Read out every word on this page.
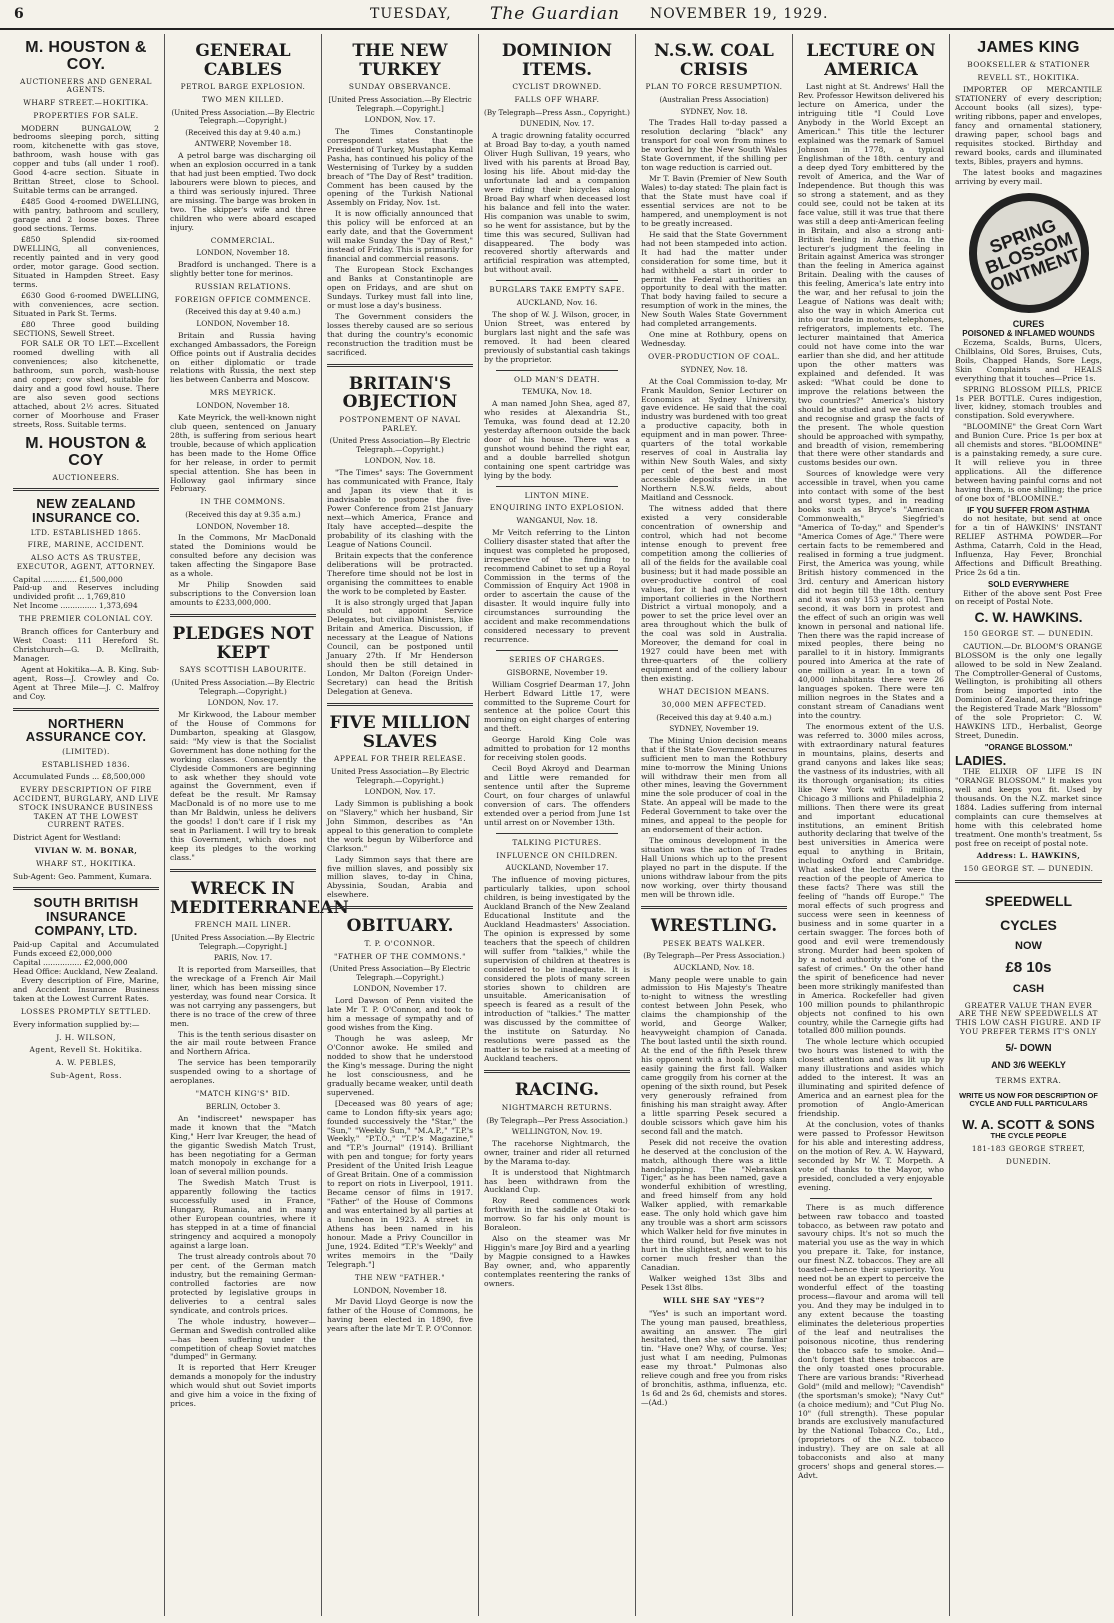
6	TUESDAY, The Guardian NOVEMBER 19, 1929.
M. HOUSTON & COY.
AUCTIONEERS AND GENERAL AGENTS.
WHARF STREET.—HOKITIKA.
PROPERTIES FOR SALE.

MODERN BUNGALOW, 2 bedrooms sleeping porch, sitting room, kitchenette with gas stove, bathroom, wash house with gas copper and tubs (all under 1 roof). Good 4-acre section. Situate in Brittan Street, close to School. Suitable terms can be arranged.

£485 Good 4-roomed DWELLING, with pantry, bathroom and scullery, garage and 2 loose boxes. Three good sections. Terms.

£850 Splendid six-roomed DWELLING, all conveniences, recently painted and in very good order, motor garage. Good section. Situated in Hampden Street. Easy terms.

£630 Good 6-roomed DWELLING, with conveniences, acre section. Situated in Park St. Terms.

£80 Three good building SECTIONS, Sewell Street.

FOR SALE OR TO LET.—Excellent roomed dwelling with all conveniences; also kitchenette, bathroom, sun porch, wash-house and copper; cow shed, suitable for dairy and a good fowl house. There are also seven good sections attached, about 2½ acres. Situated corner of Moorhouse and Fraser streets, Ross. Suitable terms.

M. HOUSTON & COY
AUCTIONEERS.
NEW ZEALAND INSURANCE CO.
LTD. ESTABLISHED 1865.
FIRE, MARINE, ACCIDENT.
ALSO ACTS AS TRUSTEE, EXECUTOR, AGENT, ATTORNEY.
Capital .............. £1,500,000
Paid-up and Reserves including undivided profit ... 1,769,810
Net Income ............... 1,373,694
THE PREMIER COLONIAL COY.

Branch offices for Canterbury and West Coast: 111 Hereford St. Christchurch—G. D. McIlraith, Manager.

Agent at Hokitika—A. B. King. Sub-agent, Ross—J. Crowley and Co. Agent at Three Mile—J. C. Malfroy and Coy.

NORTHERN ASSURANCE COY.
(LIMITED).
ESTABLISHED 1836.
Accumulated Funds ... £8,500,000
EVERY DESCRIPTION OF FIRE ACCIDENT, BURGLARY, AND LIVE STOCK INSURANCE BUSINESS TAKEN AT THE LOWEST CURRENT RATES.
District Agent for Westland:
VIVIAN W. M. BONAR,
WHARF ST., HOKITIKA.
Sub-Agent: Geo. Pamment, Kumara.
SOUTH BRITISH INSURANCE COMPANY, LTD.
Paid-up Capital and Accumulated Funds exceed £2,000,000
Capital ................ £2,000,000
Head Office: Auckland, New Zealand.

Every description of Fire, Marine, and Accident Insurance Business taken at the Lowest Current Rates.

LOSSES PROMPTLY SETTLED.
Every information supplied by:—
J. H. WILSON,
Agent, Revell St. Hokitika.
A. W. PEBLES,
Sub-Agent, Ross.
GENERAL CABLES
PETROL BARGE EXPLOSION.
TWO MEN KILLED.
(United Press Association.—By Electric Telegraph.—Copyright.)
(Received this day at 9.40 a.m.)
ANTWERP, November 18.

A petrol barge was discharging oil when an explosion occurred in a tank that had just been emptied. Two dock labourers were blown to pieces, and a third was seriously injured. Three are missing. The barge was broken in two. The skipper's wife and three children who were aboard escaped injury.

COMMERCIAL.
LONDON, November 18.

Bradford is unchanged. There is a slightly better tone for merinos.

RUSSIAN RELATIONS.
FOREIGN OFFICE COMMENCE.
(Received this day at 9.40 a.m.)
LONDON, November 18.

Britain and Russia having exchanged Ambassadors, the Foreign Office points out if Australia decides on either diplomatic or trade relations with Russia, the next step lies between Canberra and Moscow.

MRS MEYRICK.
LONDON, November 18.

Kate Meyrick, the well-known night club queen, sentenced on January 28th, is suffering from serious heart trouble, because of which application has been made to the Home Office for her release, in order to permit special attention. She has been in Holloway gaol infirmary since February.

IN THE COMMONS.
(Received this day at 9.35 a.m.)
LONDON, November 18.

In the Commons, Mr MacDonald stated the Dominions would be consulted before any decision was taken affecting the Singapore Base as a whole.

Mr Philip Snowden said subscriptions to the Conversion loan amounts to £233,000,000.

PLEDGES NOT KEPT
SAYS SCOTTISH LABOURITE.
(United Press Association.—By Electric Telegraph.—Copyright.)
LONDON, Nov. 17.

Mr Kirkwood, the Labour member of the House of Commons for Dumbarton, speaking at Glasgow, said: "My view is that the Socialist Government has done nothing for the working classes. Consequently the Clydeside Commoners are beginning to ask whether they should vote against the Government, even if defeat be the result. Mr Ramsay MacDonald is of no more use to me than Mr Baldwin, unless he delivers the goods! I don't care if I risk my seat in Parliament. I will try to break this Government, which does not keep its pledges to the working class."

WRECK IN MEDITERRANEAN
FRENCH MAIL LINER.
[United Press Association.—By Electric Telegraph.—Copyright.]
PARIS, Nov. 17.

It is reported from Marseilles, that the wreckage of a French Air Mail liner, which has been missing since yesterday, was found near Corsica. It was not carrying any passengers, but there is no trace of the crew of three men.

This is the tenth serious disaster on the air mail route between France and Northern Africa.

The service has been temporarily suspended owing to a shortage of aeroplanes.

"MATCH KING'S" BID.
BERLIN, October 3.

An "indiscreet" newspaper has made it known that the "Match King," Herr Ivar Kreuger, the head of the gigantic Swedish Match Trust, has been negotiating for a German match monopoly in exchange for a loan of several million pounds.

The Swedish Match Trust is apparently following the tactics successfully used in France, Hungary, Rumania, and in many other European countries, where it has stepped in at a time of financial stringency and acquired a monopoly against a large loan.

The trust already controls about 70 per cent. of the German match industry, but the remaining German-controlled factories are now protected by legislative groups in deliveries to a central sales syndicate, and controls prices.

The whole industry, however—German and Swedish controlled alike—has been suffering under the competition of cheap Soviet matches "dumped" in Germany.

It is reported that Herr Kreuger demands a monopoly for the industry which would shut out Soviet imports and give him a voice in the fixing of prices.

THE NEW TURKEY
SUNDAY OBSERVANCE.
[United Press Association.—By Electric Telegraph.—Copyright.]
LONDON, Nov. 17.

The Times Constantinople correspondent states that the President of Turkey, Mustapha Kemal Pasha, has continued his policy of the Westernising of Turkey by a sudden breach of "The Day of Rest" tradition. Comment has been caused by the opening of the Turkish National Assembly on Friday, Nov. 1st.

It is now officially announced that this policy will be enforced at an early date, and that the Government will make Sunday the "Day of Rest," instead of Friday. This is primarily for financial and commercial reasons.

The European Stock Exchanges and Banks at Constantinople are open on Fridays, and are shut on Sundays. Turkey must fall into line, or must lose a day's business.

The Government considers the losses thereby caused are so serious that during the country's economic reconstruction the tradition must be sacrificed.

BRITAIN'S OBJECTION
POSTPONEMENT OF NAVAL PARLEY.
(United Press Association—By Electric Telegraph.—Copyright.)
LONDON, Nov. 18.

"The Times" says: The Government has communicated with France, Italy and Japan its view that it is inadvisable to postpone the five-Power Conference from 21st January next—which America, France and Italy have accepted—despite the probability of its clashing with the League of Nations Council.

Britain expects that the conference deliberations will be protracted. Therefore time should not be lost in organising the committees to enable the work to be completed by Easter.

It is also strongly urged that Japan should not appoint Service Delegates, but civilian Ministers, like Britain and America. Discussion, if necessary at the League of Nations Council, can be postponed until January 27th. If Mr Henderson should then be still detained in London, Mr Dalton (Foreign Under-Secretary) can head the British Delegation at Geneva.

FIVE MILLION SLAVES
APPEAL FOR THEIR RELEASE.
United Press Association—By Electric Telegraph.—Copyright.)
LONDON, Nov. 17.

Lady Simmon is publishing a book on "Slavery," which her husband, Sir John Simmon, describes as "An appeal to this generation to complete the work begun by Wilberforce and Clarkson."

Lady Simmon says that there are five million slaves, and possibly six million slaves, to-day in China, Abyssinia, Soudan, Arabia and elsewhere.

OBITUARY.
T. P. O'CONNOR.
"FATHER OF THE COMMONS."
(United Press Association—By Electric Telegraph.—Copyright.)
LONDON, November 17.

Lord Dawson of Penn visited the late Mr T. P. O'Connor, and took to him a message of sympathy and of good wishes from the King.

Though he was asleep, Mr O'Connor awoke. He smiled and nodded to show that he understood the King's message. During the night he lost consciousness, and he gradually became weaker, until death supervened.

[Deceased was 80 years of age; came to London fifty-six years ago; founded successively the "Star," the "Sun," "Weekly Sun," "M.A.P.," "T.P.'s Weekly," "P.T.O.," "T.P.'s Magazine," and "T.P.'s Journal" (1914). Brilliant with pen and tongue; for forty years President of the United Irish League of Great Britain. One of a commission to report on riots in Liverpool, 1911. Became censor of films in 1917. "Father" of the House of Commons and was entertained by all parties at a luncheon in 1923. A street in Athens has been named in his honour. Made a Privy Councillor in June, 1924. Edited "T.P.'s Weekly" and writes memoirs in the "Daily Telegraph."]

THE NEW "FATHER."
LONDON, November 18.

Mr David Lloyd George is now the father of the House of Commons, he having been elected in 1890, five years after the late Mr T. P. O'Connor.

DOMINION ITEMS.
CYCLIST DROWNED.
FALLS OFF WHARF.
(By Telegraph—Press Assn., Copyright.)
DUNEDIN, Nov. 17.

A tragic drowning fatality occurred at Broad Bay to-day, a youth named Oliver Hugh Sullivan, 19 years, who lived with his parents at Broad Bay, losing his life. About mid-day the unfortunate lad and a companion were riding their bicycles along Broad Bay wharf when deceased lost his balance and fell into the water. His companion was unable to swim, so he went for assistance, but by the time this was secured, Sullivan had disappeared. The body was recovered shortly afterwards and artificial respiration was attempted, but without avail.

BURGLARS TAKE EMPTY SAFE.
AUCKLAND, Nov. 16.

The shop of W. J. Wilson, grocer, in Union Street, was entered by burglars last night and the safe was removed. It had been cleared previously of substantial cash takings by the proprietor.

OLD MAN'S DEATH.
TEMUKA, Nov. 18.

A man named John Shea, aged 87, who resides at Alexandria St., Temuka, was found dead at 12.20 yesterday afternoon outside the back door of his house. There was a gunshot wound behind the right ear, and a double barrelled shotgun containing one spent cartridge was lying by the body.

LINTON MINE.
ENQUIRING INTO EXPLOSION.
WANGANUI, Nov. 18.

Mr Veitch referring to the Linton Colliery disaster stated that after the inquest was completed he proposed, irrespective of the finding to recommend Cabinet to set up a Royal Commission in the terms of the Commission of Enquiry Act 1908 in order to ascertain the cause of the disaster. It would inquire fully into circumstances surrounding the accident and make recommendations considered necessary to prevent recurrence.

SERIES OF CHARGES.
GISBORNE, November 19.

William Cosgrief Dearman 17, John Herbert Edward Little 17, were committed to the Supreme Court for sentence at the police Court this morning on eight charges of entering and theft.

George Harold King Cole was admitted to probation for 12 months for receiving stolen goods.

Cecil Boyd Akroyd and Dearman and Little were remanded for sentence until after the Supreme Court, on four charges of unlawful conversion of cars. The offenders extended over a period from June 1st until arrest on or November 13th.

TALKING PICTURES.
INFLUENCE ON CHILDREN.
AUCKLAND, November 17.

The influence of moving pictures, particularly talkies, upon school children, is being investigated by the Auckland Branch of the New Zealand Educational Institute and the Auckland Headmasters' Association. The opinion is expressed by some teachers that the speech of children will suffer from "talkies," while the supervision of children at theatres is considered to be inadequate. It is considered the plots of many screen stories shown to children are unsuitable. Americanisation of speech is feared as a result of the introduction of "talkies." The matter was discussed by the committee of the institute on Saturday. No resolutions were passed as the matter is to be raised at a meeting of Auckland teachers.

RACING.
NIGHTMARCH RETURNS.
(By Telegraph—Per Press Association.)
WELLINGTON, Nov. 19.

The racehorse Nightmarch, the owner, trainer and rider all returned by the Marama to-day.

It is understood that Nightmarch has been withdrawn from the Auckland Cup.

Roy Reed commences work forthwith in the saddle at Otaki to-morrow. So far his only mount is Boraleon.

Also on the steamer was Mr Higgin's mare Joy Bird and a yearling by Magpie consigned to a Hawkes Bay owner, and, who apparently contemplates reentering the ranks of owners.

N.S.W. COAL CRISIS
PLAN TO FORCE RESUMPTION.
(Australian Press Association)
SYDNEY, Nov. 18.

The Trades Hall to-day passed a resolution declaring "black" any transport for coal won from mines to be worked by the New South Wales State Government, if the shilling per ton wage reduction is carried out.

Mr T. Bavin (Premier of New South Wales) to-day stated: The plain fact is that the State must have coal if essential services are not to be hampered, and unemployment is not to be greatly increased.

He said that the State Government had not been stampeded into action. It had had the matter under consideration for some time, but it had withheld a start in order to permit the Federal authorities an opportunity to deal with the matter. That body having failed to secure a resumption of work in the mines, the New South Wales State Government had completed arrangements.

One mine at Rothbury, opens on Wednesday.

OVER-PRODUCTION OF COAL.
SYDNEY, Nov. 18.

At the Coal Commission to-day, Mr Frank Mauldon, Senior Lecturer on Economics at Sydney University, gave evidence. He said that the coal industry was burdened with too great a productive capacity, both in equipment and in man power. Three-quarters of the total workable reserves of coal in Australia lay within New South Wales, and sixty per cent of the best and most accessible deposits were in the Northern N.S.W. fields, about Maitland and Cessnock.

The witness added that there existed a very considerable concentration of ownership and control, which had not become intense enough to prevent free competition among the collieries of all of the fields for the available coal business; but it had made possible an over-productive control of coal values, for it had given the most important collieries in the Northern District a virtual monopoly, and a power to set the price level over an area throughout which the bulk of the coal was sold in Australia. Moreover, the demand for coal in 1927 could have been met with three-quarters of the colliery equipment and of the colliery labour then existing.

WHAT DECISION MEANS.
30,000 MEN AFFECTED.
(Received this day at 9.40 a.m.)
SYDNEY, November 19.

The Mining Union decision means that if the State Government secures sufficient men to man the Rothbury mine to-morrow the Mining Unions will withdraw their men from all other mines, leaving the Government mine the sole producer of coal in the State. An appeal will be made to the Federal Government to take over the mines, and appeal to the people for an endorsement of their action.

The ominous development in the situation was the action of Trades Hall Unions which up to the present played no part in the dispute. If the unions withdraw labour from the pits now working, over thirty thousand men will be thrown idle.

WRESTLING.
PESEK BEATS WALKER.
(By Telegraph—Per Press Association.)
AUCKLAND, Nov. 18.

Many people were unable to gain admission to His Majesty's Theatre to-night to witness the wrestling contest between John Pesek, who claims the championship of the world, and George Walker, heavyweight champion of Canada. The bout lasted until the sixth round. At the end of the fifth Pesek threw his opponent with a hook loop slam easily gaining the first fall. Walker came groggily from his corner at the opening of the sixth round, but Pesek very generously refrained from finishing his man straight away. After a little sparring Pesek secured a double scissors which gave him his second fall and the match.

Pesek did not receive the ovation he deserved at the conclusion of the match, although there was a little handclapping. The "Nebraskan Tiger," as he has been named, gave a wonderful exhibition of wrestling, and freed himself from any hold Walker applied, with remarkable ease. The only hold which gave him any trouble was a short arm scissors which Walker held for five minutes in the third round, but Pesek was not hurt in the slightest, and went to his corner much fresher than the Canadian.

Walker weighed 13st 3lbs and Pesek 13st 8lbs.

WILL SHE SAY "YES"?

"Yes" is such an important word. The young man paused, breathless, awaiting an answer. The girl hesitated, then she saw the familiar tin. "Have one? Why, of course. Yes; just what I am needing, Pulmonas ease my throat." Pulmonas also relieve cough and free you from risks of bronchitis, asthma, influenza, etc. 1s 6d and 2s 6d, chemists and stores.—(Ad.)

LECTURE ON AMERICA

Last night at St. Andrews' Hall the Rev. Professor Hewitson delivered his lecture on America, under the intriguing title "I Could Love Anybody in the World Except an American." This title the lecturer explained was the remark of Samuel Johnson in 1778, a typical Englishman of the 18th. century and a deep dyed Tory embittered by the revolt of America, and the War of Independence. But though this was so strong a statement, and as they could see, could not be taken at its face value, still it was true that there was still a deep anti-American feeling in Britain, and also a strong anti-British feeling in America. In the lecturer's judgment the feeling in Britain against America was stronger than the feeling in America against Britain. Dealing with the causes of this feeling, America's late entry into the war, and her refusal to join the League of Nations was dealt with; also the way in which America cut into our trade in motors, telephones, refrigerators, implements etc. The lecturer maintained that America could not have come into the war earlier than she did, and her attitude upon the other matters was explained and defended. It was asked: "What could be done to improve the relations between the two countries?" America's history should be studied and we should try and recognise and grasp the facts of the present. The whole question should be approached with sympathy, and breadth of vision, remembering that there were other standards and customs besides our own.

Sources of knowledge were very accessible in travel, when you came into contact with some of the best and worst types, and in reading books such as Bryce's "American Commonwealth," Siegfried's "America of To-day," and Spender's "America Comes of Age." There were certain facts to be remembered and realised in forming a true judgment. First, the America was young, while British history commenced in the 3rd. century and American history did not begin till the 18th. century and it was only 153 years old. Then second, it was born in protest and the effect of such an origin was well known in personal and national life. Then there was the rapid increase of mixed peoples, there being no parallel to it in history. Immigrants poured into America at the rate of one million a year. In a town of 40,000 inhabitants there were 26 languages spoken. There were ten million negroes in the States and a constant stream of Canadians went into the country.

The enormous extent of the U.S. was referred to. 3000 miles across, with extraordinary natural features in mountains, plains, deserts and grand canyons and lakes like seas; the vastness of its industries, with all its thorough organisation; its cities like New York with 6 millions, Chicago 3 millions and Philadelphia 2 millions. Then there were its great and important educational institutions, an eminent British authority declaring that twelve of the best universities in America were equal to anything in Britain, including Oxford and Cambridge. What asked the lecturer were the reaction of the people of America to these facts? There was still the feeling of "hands off Europe." The moral effects of such progress and success were seen in keenness of business and in some quarter in a certain swagger. The forces both of good and evil were tremendously strong. Murder had been spoken of by a noted authority as "one of the safest of crimes." On the other hand the spirit of beneficence had never been more strikingly manifested than in America. Rockefeller had given 100 million pounds to philanthropic objects not confined to his own country, while the Carnegie gifts had totalled 800 million pounds.

The whole lecture which occupied two hours was listened to with the closest attention and was lit up by many illustrations and asides which added to the interest. It was an illuminating and spirited defence of America and an earnest plea for the promotion of Anglo-American friendship.

At the conclusion, votes of thanks were passed to Professor Hewitson for his able and interesting address, on the motion of Rev. A. W. Hayward, seconded by Mr W. T. Morpeth. A vote of thanks to the Mayor, who presided, concluded a very enjoyable evening.

There is as much difference between raw tobacco and toasted tobacco, as between raw potato and savoury chips. It's not so much the material you use as the way in which you prepare it. Take, for instance, our finest N.Z. tobaccos. They are all toasted—hence their superiority. You need not be an expert to perceive the wonderful effect of the toasting process—flavour and aroma will tell you. And they may be indulged in to any extent because the toasting eliminates the deleterious properties of the leaf and neutralises the poisonous nicotine, thus rendering the tobacco safe to smoke. And—don't forget that these tobaccos are the only toasted ones procurable. There are various brands: "Riverhead Gold" (mild and mellow); "Cavendish" (the sportsman's smoke); "Navy Cut" (a choice medium); and "Cut Plug No. 10" (full strength). These popular brands are exclusively manufactured by the National Tobacco Co., Ltd., (proprietors of the N.Z. tobacco industry). They are on sale at all tobacconists and also at many grocers' shops and general stores.—Advt.

JAMES KING
BOOKSELLER & STATIONER
REVELL ST., HOKITIKA.

IMPORTER OF MERCANTILE STATIONERY of every description; Account books (all sizes), type-writing ribbons, paper and envelopes, fancy and ornamental stationery, drawing paper, school bags and requisites stocked. Birthday and reward books, cards and illuminated texts, Bibles, prayers and hymns.

The latest books and magazines arriving by every mail.

SPRING BLOSSOM OINTMENT
CURES
POISONED & INFLAMED WOUNDS

Eczema, Scalds, Burns, Ulcers, Chilblains, Old Sores, Bruises, Cuts, Boils, Chapped Hands, Sore Legs, Skin Complaints and HEALS everything that it touches—Price 1s.

SPRING BLOSSOM PILLS, PRICE 1s PER BOTTLE. Cures indigestion, liver, kidney, stomach troubles and constipation. Sold everywhere.

"BLOOMINE" the Great Corn Wart and Bunion Cure. Price 1s per box at all chemists and stores. "BLOOMINE" is a painstaking remedy, a sure cure. It will relieve you in three applications. All the difference between having painful corns and not having them, is one shilling; the price of one box of "BLOOMINE."

IF YOU SUFFER FROM ASTHMA

do not hesitate, but send at once for a tin of HAWKINS' INSTANT RELIEF ASTHMA POWDER—For Asthma, Catarrh, Cold in the Head, Influenza, Hay Fever, Bronchial Affections and Difficult Breathing. Price 2s 6d a tin.

SOLD EVERYWHERE

Either of the above sent Post Free on receipt of Postal Note.

C. W. HAWKINS.
150 GEORGE ST. — DUNEDIN.

CAUTION.—Dr. BLOOM'S ORANGE BLOSSOM is the only one legally allowed to be sold in New Zealand. The Comptroller-General of Customs, Wellington, is prohibiting all others from being imported into the Dominion of Zealand, as they infringe the Registered Trade Mark "Blossom" of the sole Proprietor: C. W. HAWKINS LTD., Herbalist, George Street, Dunedin.

"ORANGE BLOSSOM."
LADIES.

THE ELIXIR OF LIFE IS IN "ORANGE BLOSSOM." It makes you well and keeps you fit. Used by thousands. On the N.Z. market since 1884. Ladies suffering from internal complaints can cure themselves at home with this celebrated home treatment. One month's treatment, 5s post free on receipt of postal note.

Address: L. HAWKINS,
150 GEORGE ST. — DUNEDIN.
SPEEDWELL
CYCLES
NOW
£8 10s
CASH
GREATER VALUE THAN EVER ARE THE NEW SPEEDWELLS AT THIS LOW CASH FIGURE. AND IF YOU PREFER TERMS IT'S ONLY
5/- DOWN
AND 3/6 WEEKLY
TERMS EXTRA.
WRITE US NOW FOR DESCRIPTION OF CYCLE AND FULL PARTICULARS
W. A. SCOTT & SONS
THE CYCLE PEOPLE
181-183 GEORGE STREET,
DUNEDIN.
